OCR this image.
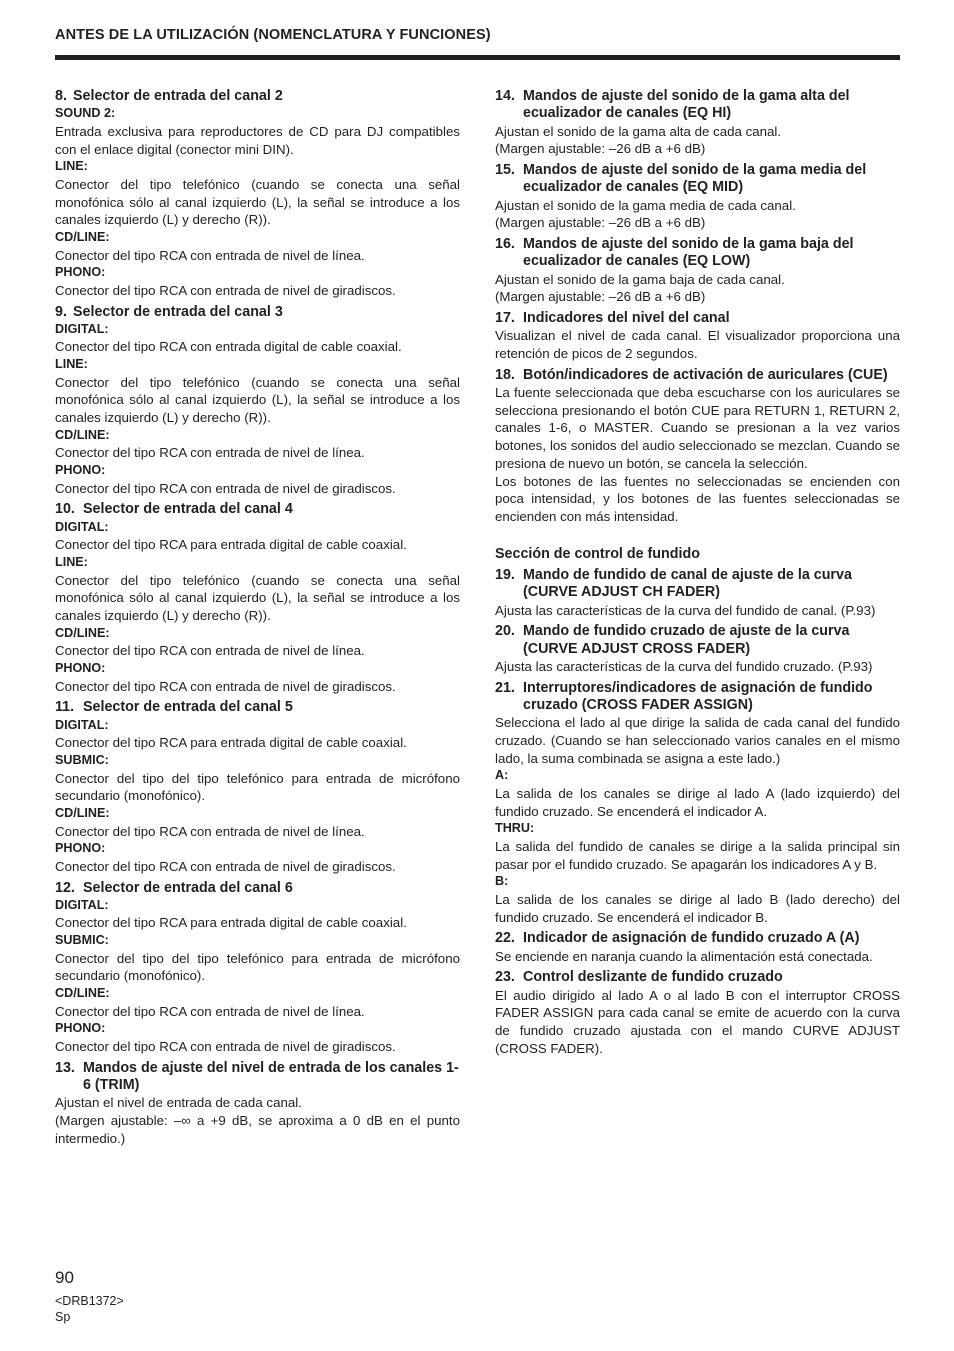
ANTES DE LA UTILIZACIÓN (NOMENCLATURA Y FUNCIONES)
8. Selector de entrada del canal 2
SOUND 2:
Entrada exclusiva para reproductores de CD para DJ compatibles con el enlace digital (conector mini DIN).
LINE:
Conector del tipo telefónico (cuando se conecta una señal monofónica sólo al canal izquierdo (L), la señal se introduce a los canales izquierdo (L) y derecho (R)).
CD/LINE:
Conector del tipo RCA con entrada de nivel de línea.
PHONO:
Conector del tipo RCA con entrada de nivel de giradiscos.
9. Selector de entrada del canal 3
DIGITAL:
Conector del tipo RCA con entrada digital de cable coaxial.
LINE:
Conector del tipo telefónico (cuando se conecta una señal monofónica sólo al canal izquierdo (L), la señal se introduce a los canales izquierdo (L) y derecho (R)).
CD/LINE:
Conector del tipo RCA con entrada de nivel de línea.
PHONO:
Conector del tipo RCA con entrada de nivel de giradiscos.
10. Selector de entrada del canal 4
DIGITAL:
Conector del tipo RCA para entrada digital de cable coaxial.
LINE:
Conector del tipo telefónico (cuando se conecta una señal monofónica sólo al canal izquierdo (L), la señal se introduce a los canales izquierdo (L) y derecho (R)).
CD/LINE:
Conector del tipo RCA con entrada de nivel de línea.
PHONO:
Conector del tipo RCA con entrada de nivel de giradiscos.
11. Selector de entrada del canal 5
DIGITAL:
Conector del tipo RCA para entrada digital de cable coaxial.
SUBMIC:
Conector del tipo del tipo telefónico para entrada de micrófono secundario (monofónico).
CD/LINE:
Conector del tipo RCA con entrada de nivel de línea.
PHONO:
Conector del tipo RCA con entrada de nivel de giradiscos.
12. Selector de entrada del canal 6
DIGITAL:
Conector del tipo RCA para entrada digital de cable coaxial.
SUBMIC:
Conector del tipo del tipo telefónico para entrada de micrófono secundario (monofónico).
CD/LINE:
Conector del tipo RCA con entrada de nivel de línea.
PHONO:
Conector del tipo RCA con entrada de nivel de giradiscos.
13. Mandos de ajuste del nivel de entrada de los canales 1-6 (TRIM)
Ajustan el nivel de entrada de cada canal.
(Margen ajustable: –∞ a +9 dB, se aproxima a 0 dB en el punto intermedio.)
14. Mandos de ajuste del sonido de la gama alta del ecualizador de canales (EQ HI)
Ajustan el sonido de la gama alta de cada canal.
(Margen ajustable: –26 dB a +6 dB)
15. Mandos de ajuste del sonido de la gama media del ecualizador de canales (EQ MID)
Ajustan el sonido de la gama media de cada canal.
(Margen ajustable: –26 dB a +6 dB)
16. Mandos de ajuste del sonido de la gama baja del ecualizador de canales (EQ LOW)
Ajustan el sonido de la gama baja de cada canal.
(Margen ajustable: –26 dB a +6 dB)
17. Indicadores del nivel del canal
Visualizan el nivel de cada canal. El visualizador proporciona una retención de picos de 2 segundos.
18. Botón/indicadores de activación de auriculares (CUE)
La fuente seleccionada que deba escucharse con los auriculares se selecciona presionando el botón CUE para RETURN 1, RETURN 2, canales 1-6, o MASTER. Cuando se presionan a la vez varios botones, los sonidos del audio seleccionado se mezclan. Cuando se presiona de nuevo un botón, se cancela la selección.
Los botones de las fuentes no seleccionadas se encienden con poca intensidad, y los botones de las fuentes seleccionadas se encienden con más intensidad.
Sección de control de fundido
19. Mando de fundido de canal de ajuste de la curva (CURVE ADJUST CH FADER)
Ajusta las características de la curva del fundido de canal. (P.93)
20. Mando de fundido cruzado de ajuste de la curva (CURVE ADJUST CROSS FADER)
Ajusta las características de la curva del fundido cruzado. (P.93)
21. Interruptores/indicadores de asignación de fundido cruzado (CROSS FADER ASSIGN)
Selecciona el lado al que dirige la salida de cada canal del fundido cruzado. (Cuando se han seleccionado varios canales en el mismo lado, la suma combinada se asigna a este lado.)
A:
La salida de los canales se dirige al lado A (lado izquierdo) del fundido cruzado. Se encenderá el indicador A.
THRU:
La salida del fundido de canales se dirige a la salida principal sin pasar por el fundido cruzado. Se apagarán los indicadores A y B.
B:
La salida de los canales se dirige al lado B (lado derecho) del fundido cruzado. Se encenderá el indicador B.
22. Indicador de asignación de fundido cruzado A (A)
Se enciende en naranja cuando la alimentación está conectada.
23. Control deslizante de fundido cruzado
El audio dirigido al lado A o al lado B con el interruptor CROSS FADER ASSIGN para cada canal se emite de acuerdo con la curva de fundido cruzado ajustada con el mando CURVE ADJUST (CROSS FADER).
90
<DRB1372>
Sp
